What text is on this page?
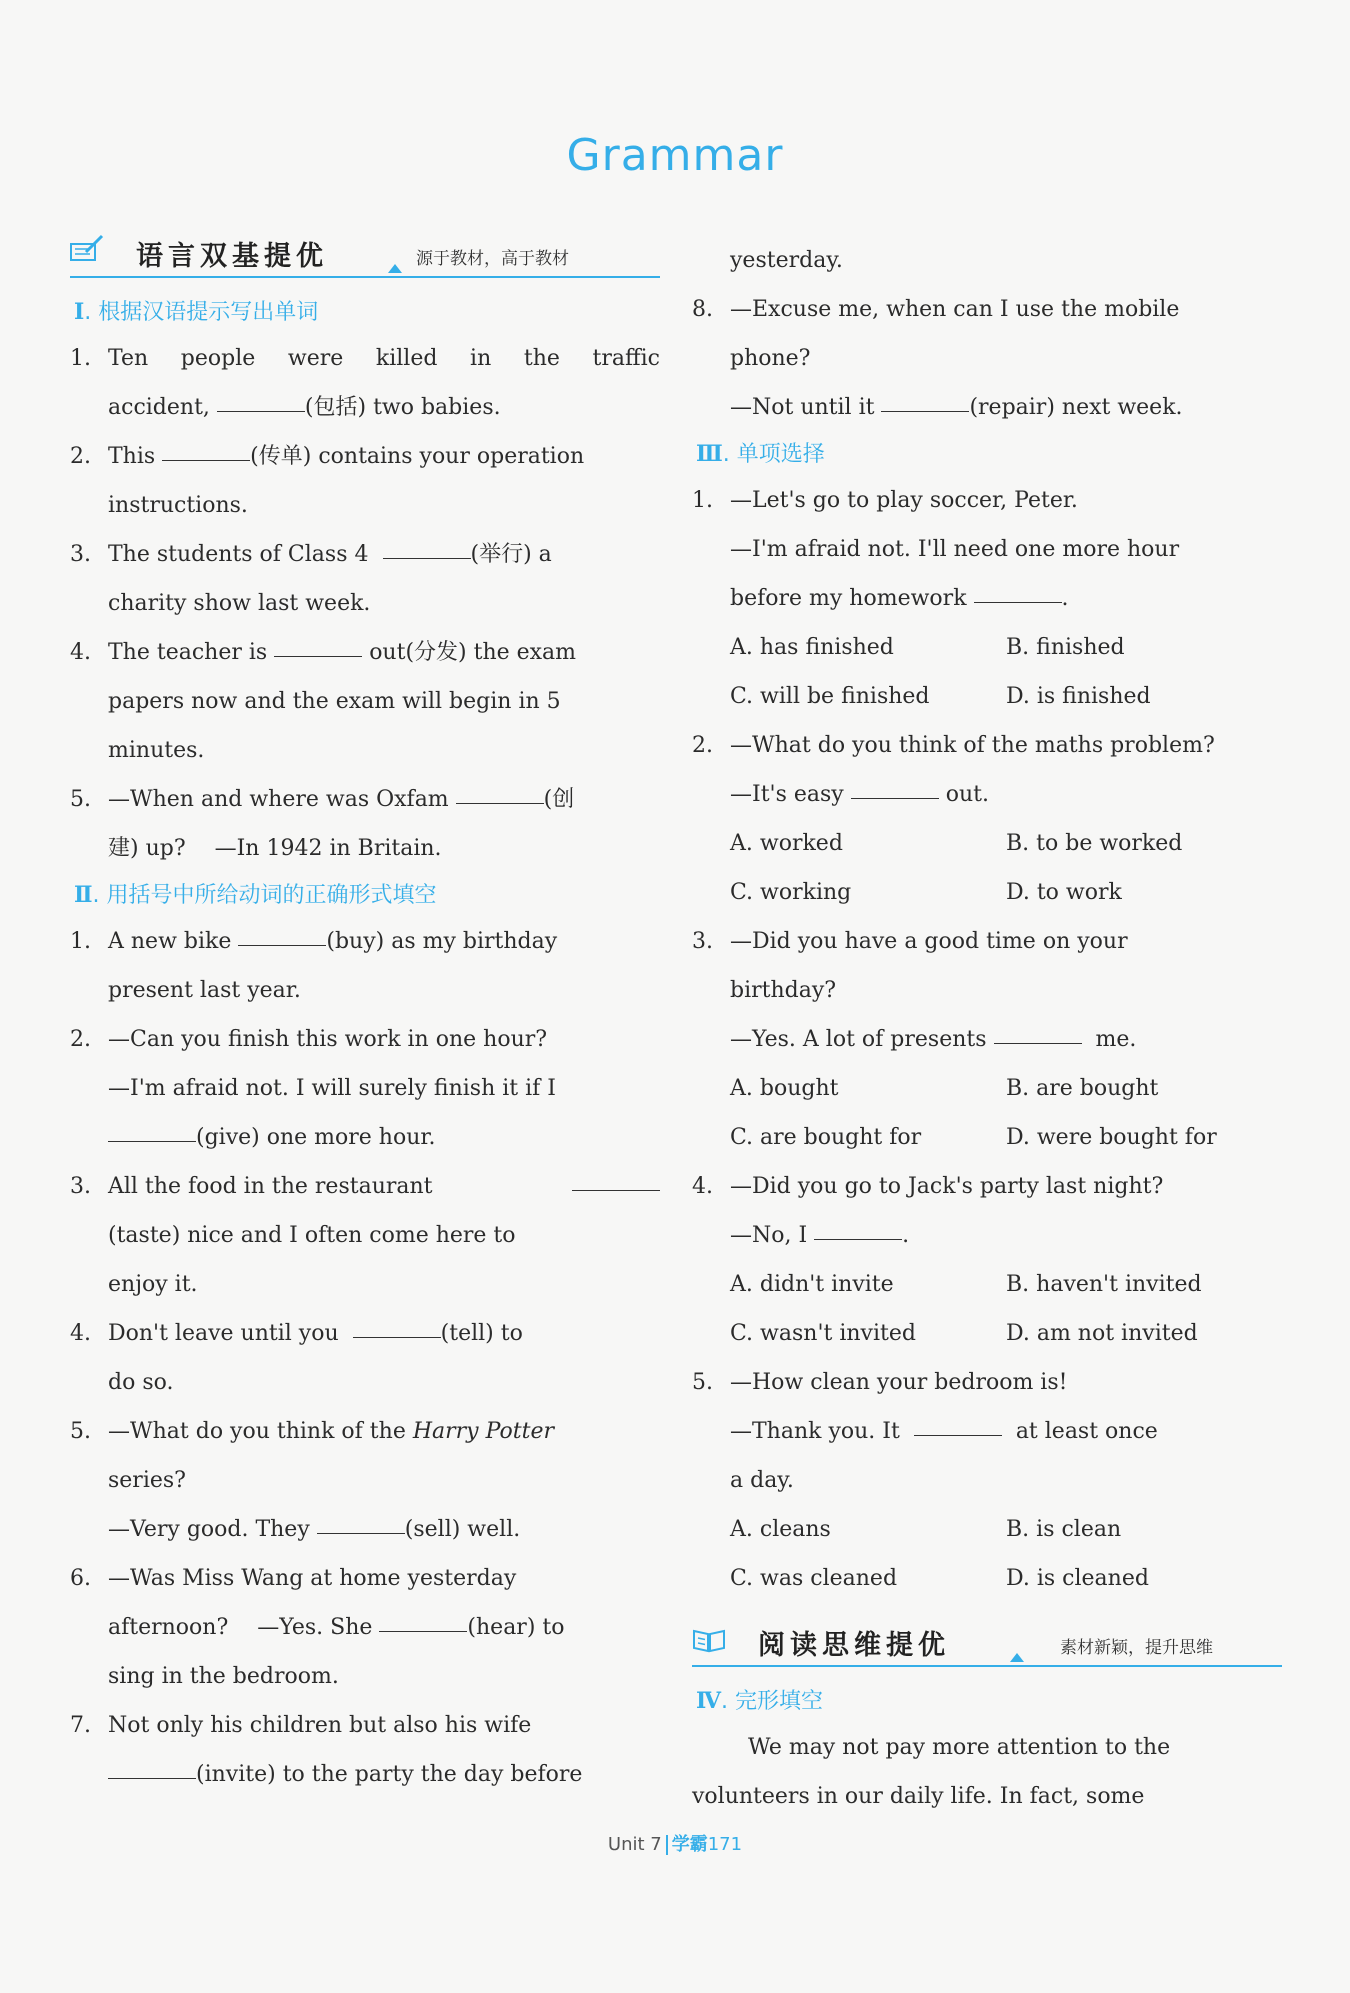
Grammar
语言双基提优	源于教材，高于教材
Ⅰ. 根据汉语提示写出单词
1. Ten people were killed in the traffic
accident,
	(包括) two babies.
2. This
	(传单) contains your operation
instructions.
3. The students of Class 4
	(举行) a
charity show last week.
4. The teacher is

	out(分发) the exam
papers now and the exam will begin in 5
minutes.
5. —When and where was Oxfam
	(创
建) up?　 —In 1942 in Britain.
Ⅱ. 用括号中所给动词的正确形式填空
1. A new bike
	(buy) as my birthday
present last year.
2. —Can you finish this work in one hour?
—I'm afraid not. I will surely finish it if I
(give) one more hour.
3. All the food in the restaurant
(taste) nice and I often come here to
enjoy it.
4. Don't leave until you
	(tell) to
do so.
5. —What do you think of the
Harry Potter
series?
—Very good. They
	(sell) well.
6. —Was Miss Wang at home yesterday
afternoon?　 —Yes. She
	(hear) to
sing in the bedroom.
7. Not only his children but also his wife
(invite) to the party the day before
yesterday.
8. —Excuse me, when can I use the mobile
phone?
—Not until it
	(repair) next week.
Ⅲ. 单项选择
1. —Let's go to play soccer, Peter.
—I'm afraid not. I'll need one more hour
before my homework
	.
A. has finished	B. finished
C. will be finished	D. is finished
2. —What do you think of the maths problem?
—It's easy

	out.
A. worked	B. to be worked
C. working	D. to work
3. —Did you have a good time on your
birthday?
—Yes. A lot of presents

	me.
A. bought	B. are bought
C. are bought for	D. were bought for
4. —Did you go to Jack's party last night?
—No, I
	.
A. didn't invite	B. haven't invited
C. wasn't invited	D. am not invited
5. —How clean your bedroom is!
—Thank you. It

	at least once
a day.
A. cleans	B. is clean
C. was cleaned	D. is cleaned
阅读思维提优	素材新颖，提升思维
Ⅳ. 完形填空
We may not pay more attention to the
volunteers in our daily life. In fact, some
Unit 7 学霸171
